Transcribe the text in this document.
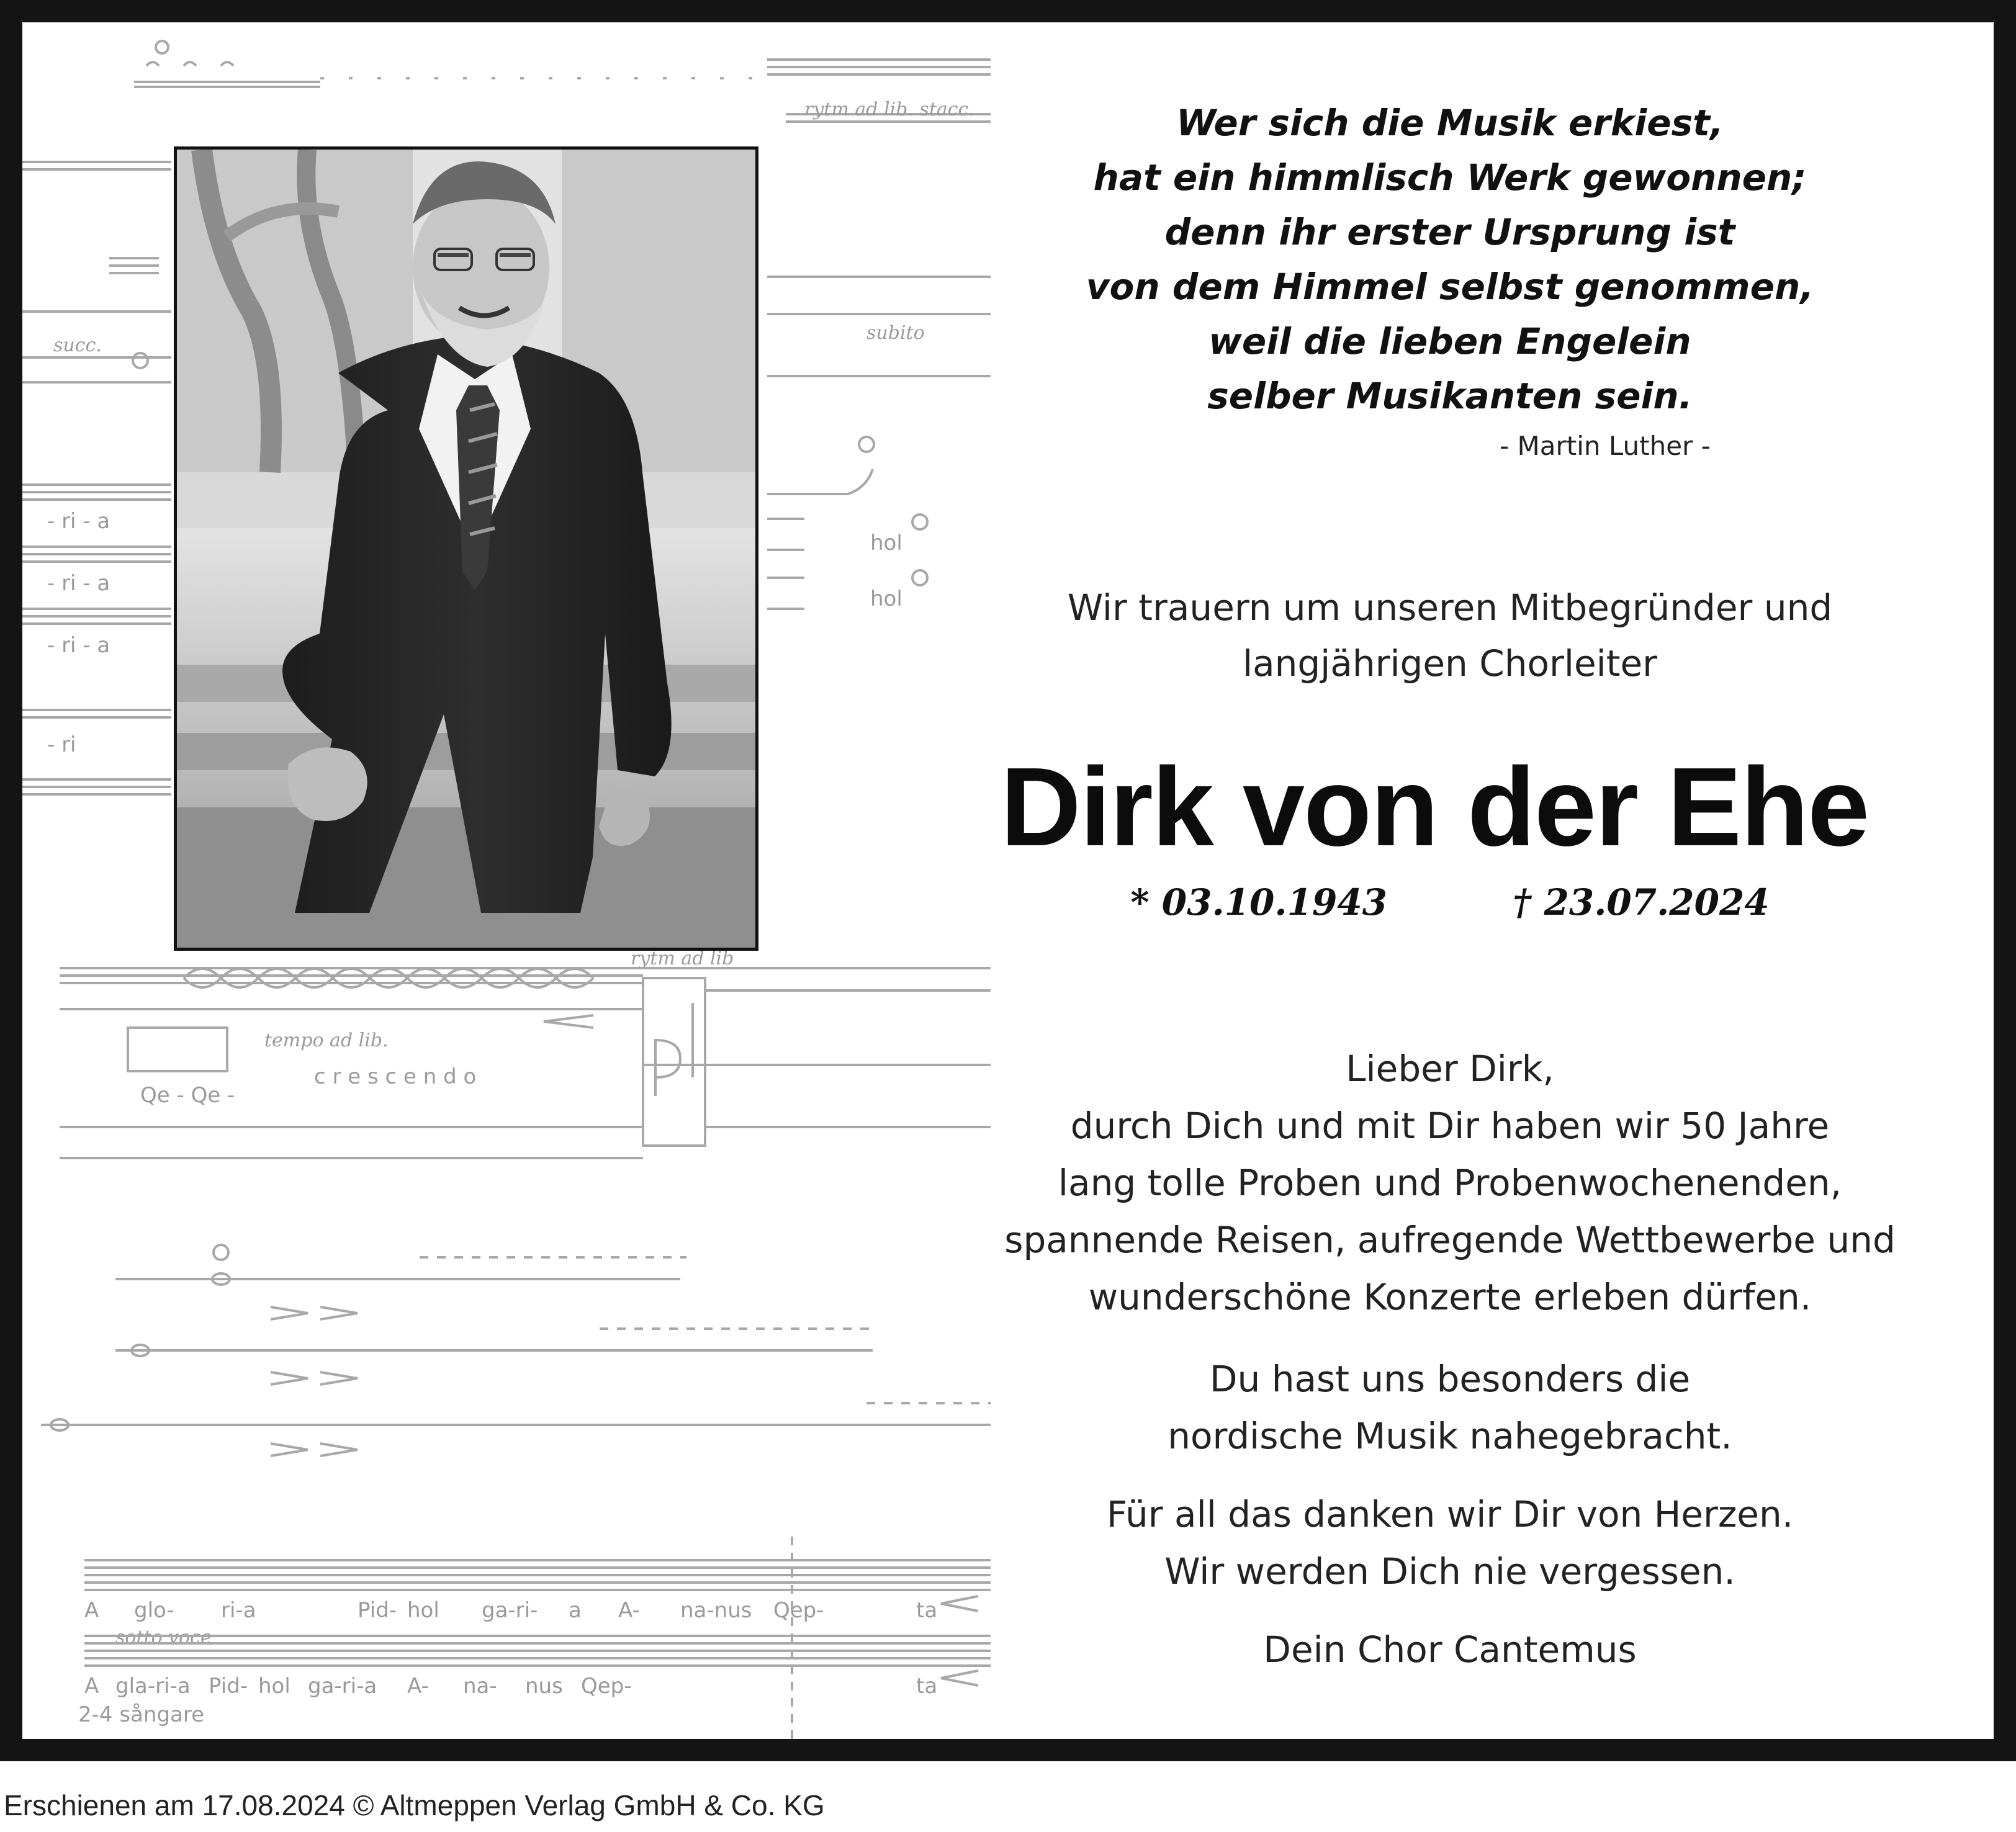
rytm ad lib. stacc.
succ.
- ri - a
- ri - a
- ri - a
- ri
subito
hol
hol
rytm ad lib
tempo ad lib.
c r e s c e n d o
Qe - Qe -
A glo- ri-a	Pid- hol ga-ri- a A- na-nus Qep-	ta
sotto voce
A gla-ri-a Pid- hol ga-ri-a A- na- nus Qep-	ta
2-4 sångare
Wer sich die Musik erkiest,
hat ein himmlisch Werk gewonnen;
denn ihr erster Ursprung ist
von dem Himmel selbst genommen,
weil die lieben Engelein
selber Musikanten sein.
- Martin Luther -
Wir trauern um unseren Mitbegründer und
langjährigen Chorleiter
Dirk von der Ehe
* 03.10.1943	† 23.07.2024
Lieber Dirk,
durch Dich und mit Dir haben wir 50 Jahre
lang tolle Proben und Probenwochenenden,
spannende Reisen, aufregende Wettbewerbe und
wunderschöne Konzerte erleben dürfen.
Du hast uns besonders die
nordische Musik nahegebracht.
Für all das danken wir Dir von Herzen.
Wir werden Dich nie vergessen.
Dein Chor Cantemus
Erschienen am 17.08.2024 © Altmeppen Verlag GmbH & Co. KG
